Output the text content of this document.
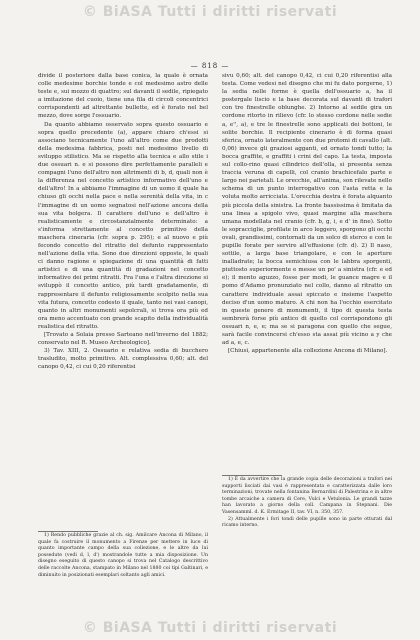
© BiASA Tutti i diritti riservati
— 818 —

divide il posteriore dalla base conica, la quale è ornata colle medesime borchie tonde e col medesimo astro delle teste e, sui mozzo di quattro; sul davanti il sedile, ripiegato a imitazione del cuoio, tiene una fila di circoli concentrici corrispondenti ad altrettante bullette, ed è forato nel bel mezzo, dove sorge l'ossuario.

Da quanto abbiamo osservato sopra questo ossuario e sopra quello precedente (a), appare chiaro ch'essi si associano tecnicamente l'uno all'altro come due prodotti della medesima fabbrica, posti nel medesimo livello di sviluppo stilistico. Ma se rispetto alla tecnica e allo stile i due ossuari n. e si possono dire perfettamente paralleli e compagni l'uno dell'altro non altrimenti di b, d, quali non è la differenza nel concetto artistico informativo dell'uno e dell'altro! In a abbiamo l'immagine di un uomo il quale ha chiuso gli occhi nella pace e nella serenità della vita, in c l'immagine di un uomo segnatosi nell'azione ancora della sua vita bolgera. Il carattere dell'uno e dell'altro è realisticamente e circostanzialmente determinato: a s'informa strettamente al concetto primitivo della maschera cineraria (cfr. sopra p. 295); e al nuovo e più fecondo concetto del ritratto del defunto rappresentato nell'azione della vita. Sono due direzioni opposte, le quali ci danno ragione e spiegazione di una quantità di fatti artistici e di una quantità di gradazioni nel concetto informativo dei primi ritratti. Fra l'una e l'altra direzione si sviluppò il concetto antico, più tardi gradatamente, di rappresentare il defunto religiosamente scolpito nella sua vita futura, concetto codesto il quale, tanto nei vasi canopi, quanto in altri monumenti sepolcrali, si trova ora più ed ora meno accentuato con grande scapito della individualità realistica del ritratto.

[Trovato a Solaia presso Sarteano nell'inverno del 1882; conservato nel R. Museo Archeologico].

3) Tav. XIII, 2. Ossuario e relativa sedia di bucchero trasludito, molto primitivo. Alt. complessiva 0,60; alt. del canopo 0,42, ci cui 0,20 riferentisi

1) Rendo pubbliche grazie al ch. sig. Amilcare Ancona di Milano, il quale fa costruire il monumento a Firenze per mettere in luce di quanto importante campo della sua collezione, e le altre da lui possedute (vedi d, l, d') mostrandole tutte a mia disposizione. Un disegno eseguito di questo canopo si trova nel Catalogo descrittivo delle raccolte Ancona, stampato in Milano nel 1880 coi tipi Galtinari, e diminuito in posizionati esemplari soltanto agli amici.

sivu 0,60; alt. del canopo 0,42, ci cui 0,20 riferentisi alla testa. Come vedesi nel disegno che mi fu dato porgerne, 1) la sedia nelle forme è quella dell'ossuario a, ha il postergale liscio e la base decorata sul davanti di trafori con tre finestrelle oblunghe. 2) Intorno al sedile gira un cordone ritorto in rilievo (cfr. lo stesso cordone nelle sedie a, e'', a), e tre le finestrelle sono applicati dei bottoni, le solite borchie. Il recipiente cinerario è di forma quasi sferica, ornato lateralmente con due protomi di cavallo (alt. 0,06) invece gli graziosi agganti, ed ornato tondi tutto; la bocca graffite, e graffiti i crini del capo. La testa, imposta sul collo-rino quasi cilindrico dell'olla, si presenta senza traccia veruna di capelli, col cranio brachicefalo parte e largo nei parietali. Le orecchie, all'anima, son rilevate nello schema di un punto interrogativo con l'asta retta e la voluta molto arricciata. L'orecchia destra è forata alquanto più piccola della sinistra. La fronte bassissima è limitata da una linea a spigolo vivo, quasi margine alla maschera umana modellata nel cranio (cfr. b, g, i, e d' in fine). Sotto le sopracciglie, profilate in arco leggero, sporgono gli occhi ovali, grandissimi, contornati da un solco di sterco e con le pupille forate per servire all'effusione (cfr. d). 2) Il naso, sottile, a larga base triangolare, e con le aperture inalladrate; la bocca semichiusa con le labbra sporgenti, piuttosto superiormente e messe un po' a sinistra (cfr. e ed e); il mento aguzzo, fosse per modi, le guance magre e il pomo d'Adamo pronunziato nel collo, danno al ritratto un carattere individuale assai spiccato e insieme l'aspetto deciso d'un uomo maturo. A chi non ha l'occhio esercitato in queste genere di monumenti, il tipo di questa testa sembrerà forse più antico di quello col corrispondono gli ossuari n, e, e; ma se si paragona con quello che segue, sarà facile convincersi ch'esso sta assai più vicino a y che ad a, e, c.

[Chiusi, appartenente alla collezione Ancona di Milano].

1) È da avvertire che la grande copia delle decorazioni a trafori nei supporti lisciati dai vasi è rappresentata e caratterizzata dalle loro terminazioni, trovate nella fontanina Bernardini di Palestrina e in altre tombe arcaiche a camera di Cere, Vulci e Vetulonia. Le grandi tazze han lavorato a giorno della coll. Campana in Stepnani. Die Vasensamml. d. K. Ermitage II, tav. VI, n. 350, 357.

2) Attualmente i fori tondi delle pupille sono in parte otturati dal ricamo interno.

© BiASA Tutti i diritti riservati
